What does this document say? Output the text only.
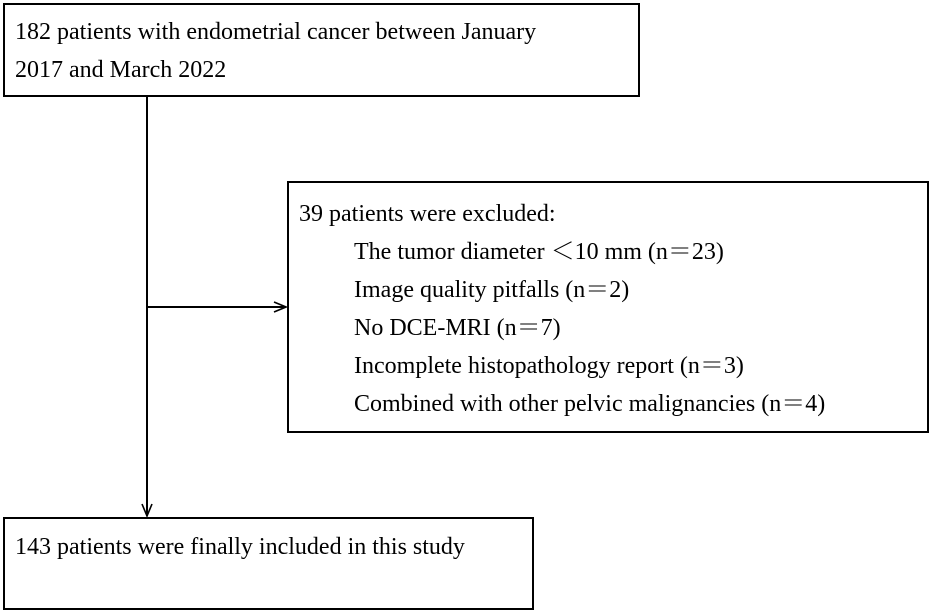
182 patients with endometrial cancer between January
2017 and March 2022
39 patients were excluded:
The tumor diameter ＜10 mm (n＝23)
Image quality pitfalls (n＝2)
No DCE-MRI (n＝7)
Incomplete histopathology report (n＝3)
Combined with other pelvic malignancies (n＝4)
143 patients were finally included in this study
